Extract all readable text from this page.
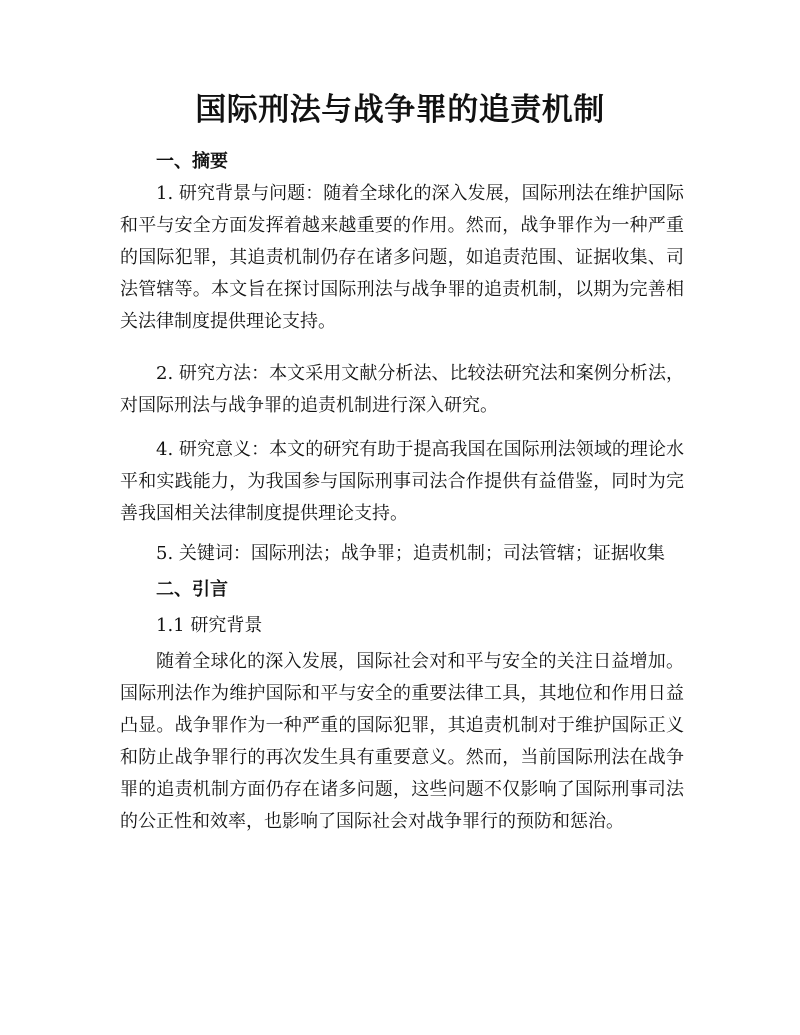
国际刑法与战争罪的追责机制
一、摘要

1. 研究背景与问题：随着全球化的深入发展，国际刑法在维护国际和平与安全方面发挥着越来越重要的作用。然而，战争罪作为一种严重的国际犯罪，其追责机制仍存在诸多问题，如追责范围、证据收集、司法管辖等。本文旨在探讨国际刑法与战争罪的追责机制，以期为完善相关法律制度提供理论支持。

2. 研究方法：本文采用文献分析法、比较法研究法和案例分析法，对国际刑法与战争罪的追责机制进行深入研究。

4. 研究意义：本文的研究有助于提高我国在国际刑法领域的理论水平和实践能力，为我国参与国际刑事司法合作提供有益借鉴，同时为完善我国相关法律制度提供理论支持。

5. 关键词：国际刑法；战争罪；追责机制；司法管辖；证据收集

二、引言
1.1 研究背景

随着全球化的深入发展，国际社会对和平与安全的关注日益增加。国际刑法作为维护国际和平与安全的重要法律工具，其地位和作用日益凸显。战争罪作为一种严重的国际犯罪，其追责机制对于维护国际正义和防止战争罪行的再次发生具有重要意义。然而，当前国际刑法在战争罪的追责机制方面仍存在诸多问题，这些问题不仅影响了国际刑事司法的公正性和效率，也影响了国际社会对战争罪行的预防和惩治。
